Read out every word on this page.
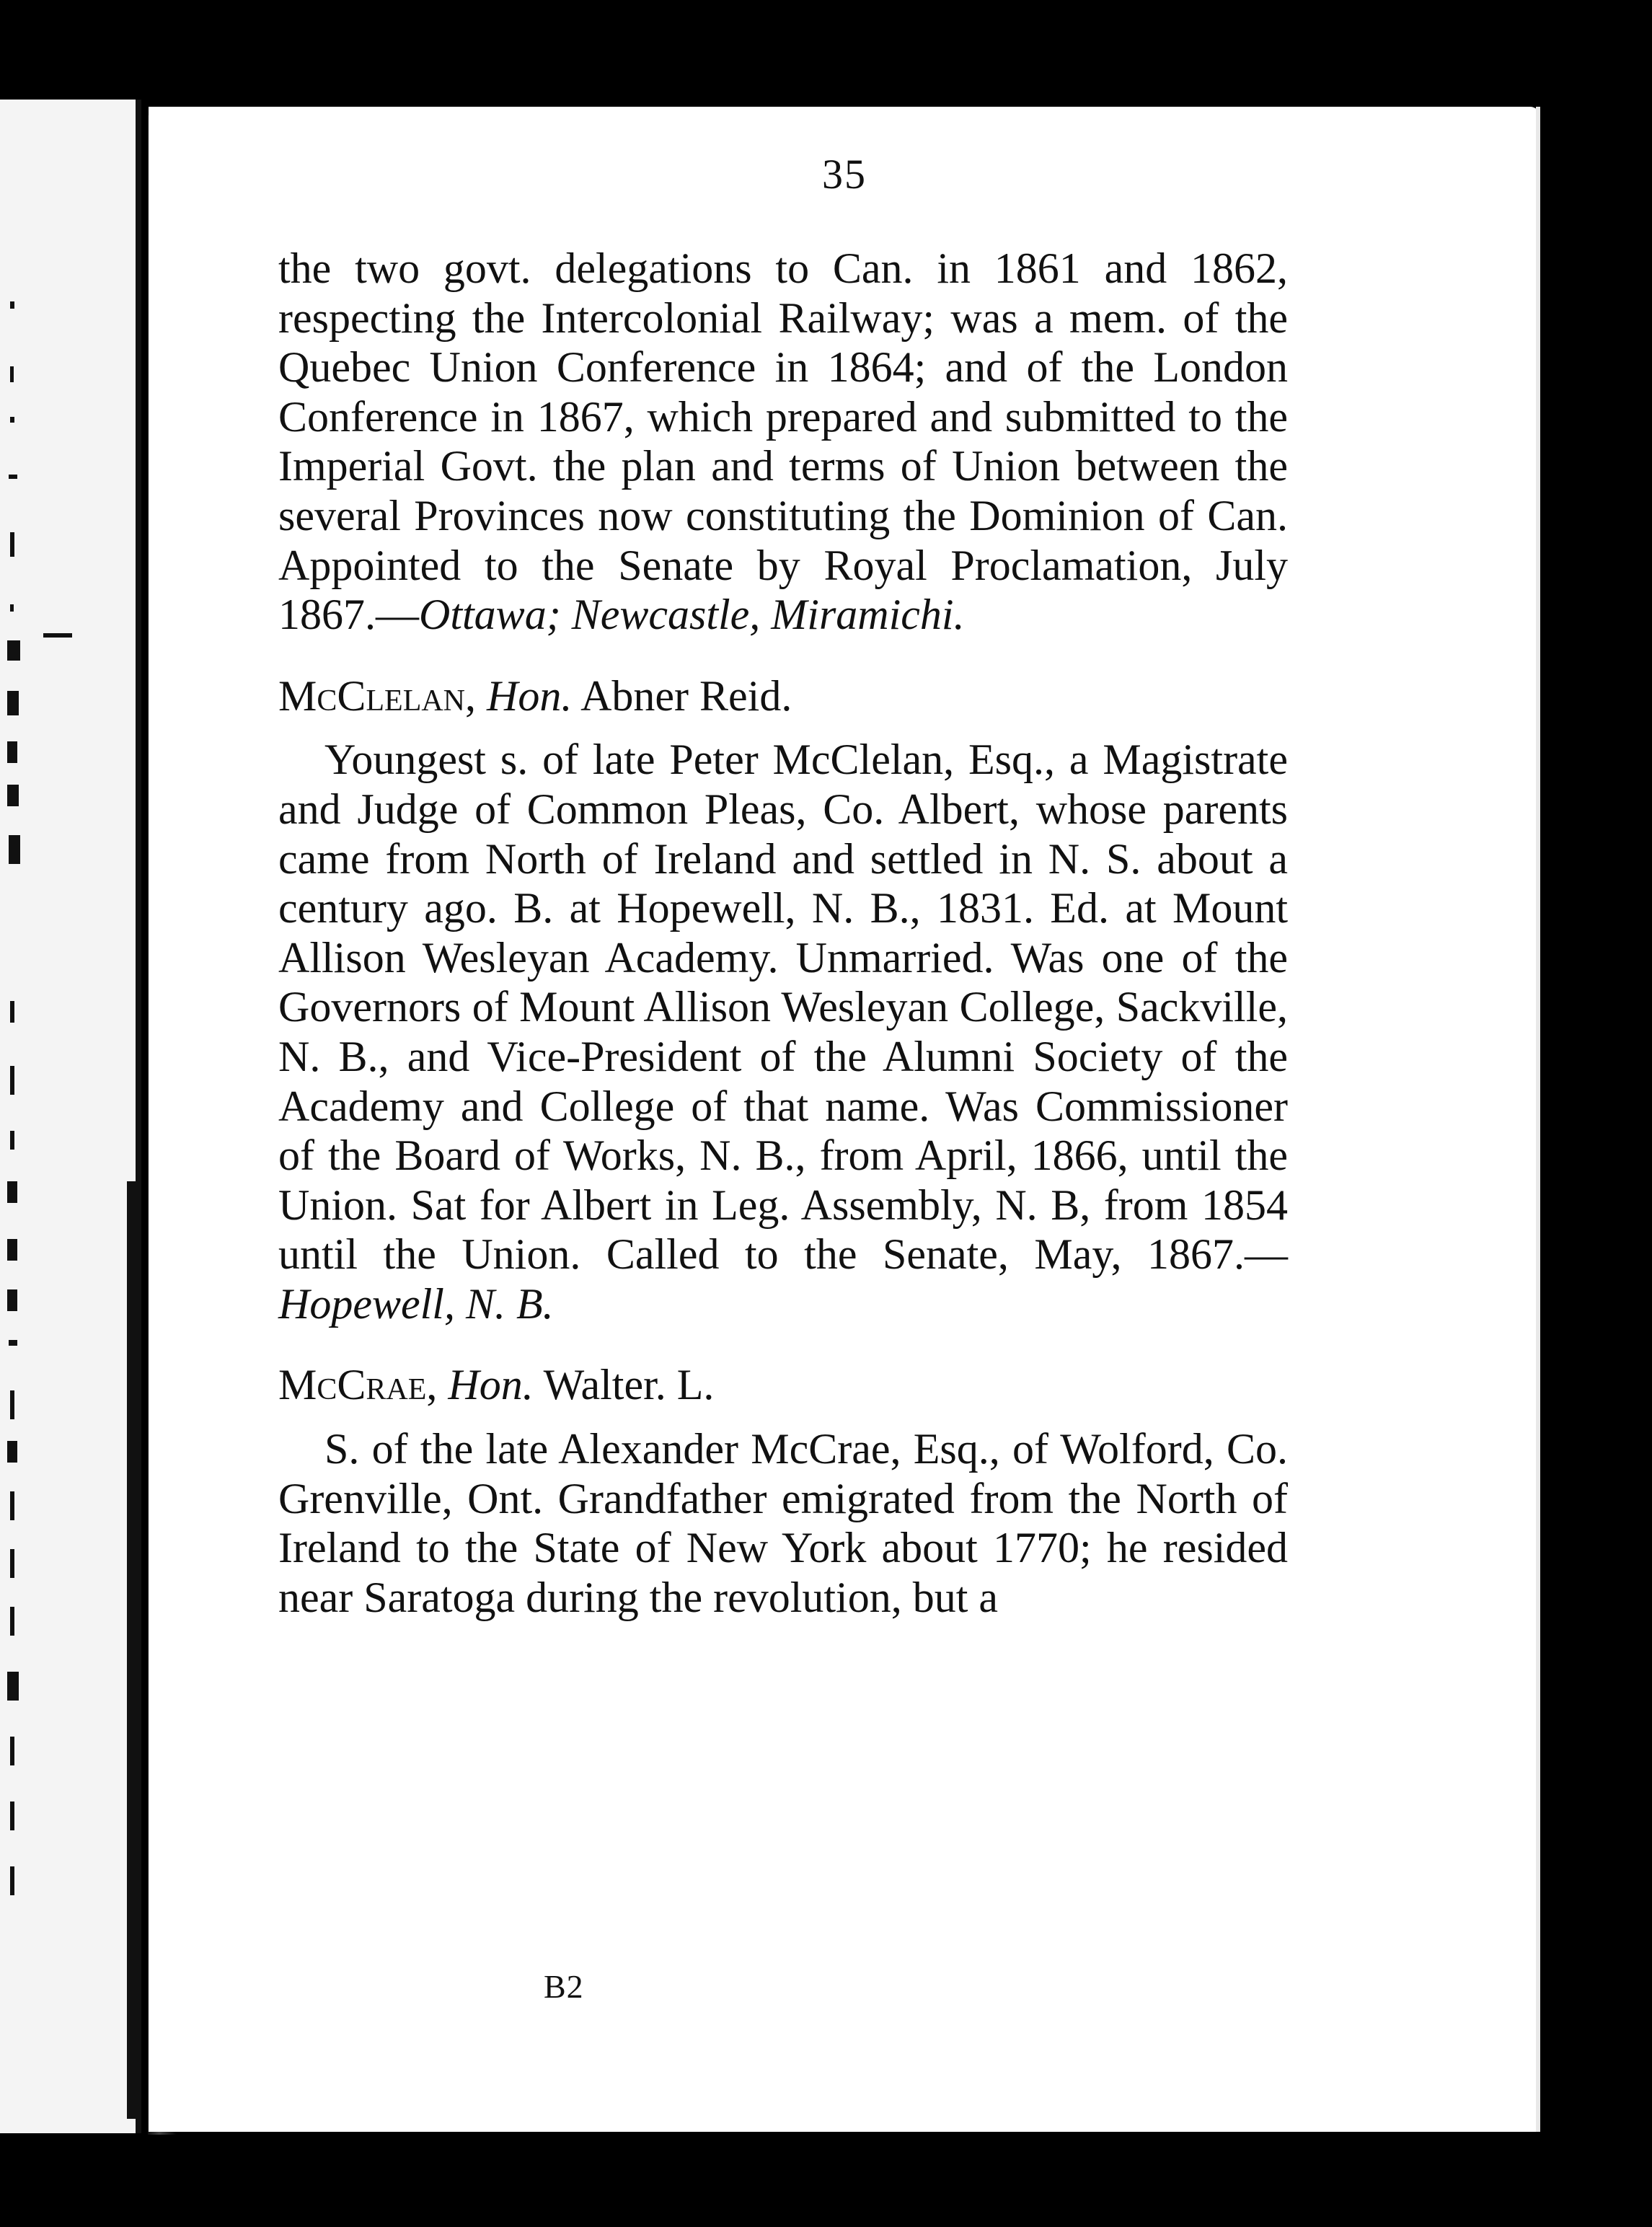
35

the two govt. delegations to Can. in 1861 and 1862, respecting the Intercolonial Railway; was a mem. of the Quebec Union Conference in 1864; and of the London Conference in 1867, which prepared and submitted to the Imperial Govt. the plan and terms of Union between the several Provinces now constituting the Dominion of Can. Appointed to the Senate by Royal Proclamation, July 1867.—Ottawa; Newcastle, Miramichi.

McClelan, Hon. Abner Reid.

Youngest s. of late Peter McClelan, Esq., a Magistrate and Judge of Common Pleas, Co. Albert, whose parents came from North of Ireland and settled in N. S. about a century ago. B. at Hopewell, N. B., 1831. Ed. at Mount Allison Wesleyan Academy. Unmarried. Was one of the Governors of Mount Allison Wesleyan College, Sackville, N. B., and Vice-President of the Alumni Society of the Academy and College of that name. Was Commissioner of the Board of Works, N. B., from April, 1866, until the Union. Sat for Albert in Leg. Assembly, N. B, from 1854 until the Union. Called to the Senate, May, 1867.—Hopewell, N. B.

McCrae, Hon. Walter. L.

S. of the late Alexander McCrae, Esq., of Wolford, Co. Grenville, Ont. Grandfather emigrated from the North of Ireland to the State of New York about 1770; he resided near Saratoga during the revolution, but a

B2
